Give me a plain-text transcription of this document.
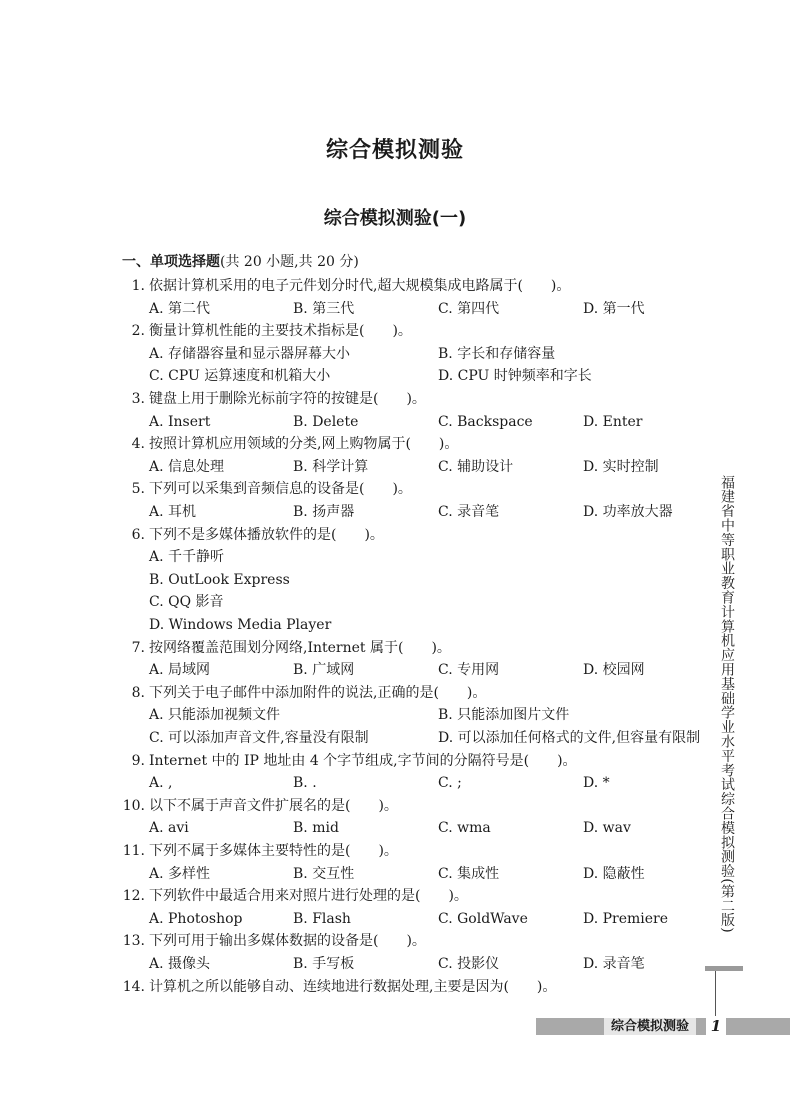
综合模拟测验
综合模拟测验(一)
一、单项选择题(共 20 小题,共 20 分)
1. 依据计算机采用的电子元件划分时代,超大规模集成电路属于(　　)。
A. 第二代	B. 第三代	C. 第四代	D. 第一代
2. 衡量计算机性能的主要技术指标是(　　)。
A. 存储器容量和显示器屏幕大小	B. 字长和存储容量
C. CPU 运算速度和机箱大小	D. CPU 时钟频率和字长
3. 键盘上用于删除光标前字符的按键是(　　)。
A. Insert	B. Delete	C. Backspace	D. Enter
4. 按照计算机应用领域的分类,网上购物属于(　　)。
A. 信息处理	B. 科学计算	C. 辅助设计	D. 实时控制
5. 下列可以采集到音频信息的设备是(　　)。
A. 耳机	B. 扬声器	C. 录音笔	D. 功率放大器
6. 下列不是多媒体播放软件的是(　　)。
A. 千千静听
B. OutLook Express
C. QQ 影音
D. Windows Media Player
7. 按网络覆盖范围划分网络,Internet 属于(　　)。
A. 局域网	B. 广域网	C. 专用网	D. 校园网
8. 下列关于电子邮件中添加附件的说法,正确的是(　　)。
A. 只能添加视频文件	B. 只能添加图片文件
C. 可以添加声音文件,容量没有限制	D. 可以添加任何格式的文件,但容量有限制
9. Internet 中的 IP 地址由 4 个字节组成,字节间的分隔符号是(　　)。
A. ,	B. .	C. ;	D. *
10. 以下不属于声音文件扩展名的是(　　)。
A. avi	B. mid	C. wma	D. wav
11. 下列不属于多媒体主要特性的是(　　)。
A. 多样性	B. 交互性	C. 集成性	D. 隐蔽性
12. 下列软件中最适合用来对照片进行处理的是(　　)。
A. Photoshop	B. Flash	C. GoldWave	D. Premiere
13. 下列可用于输出多媒体数据的设备是(　　)。
A. 摄像头	B. 手写板	C. 投影仪	D. 录音笔
14. 计算机之所以能够自动、连续地进行数据处理,主要是因为(　　)。
福建省中等职业教育计算机应用基础学业水平考试综合模拟测验(第二版)
综合模拟测验	1
